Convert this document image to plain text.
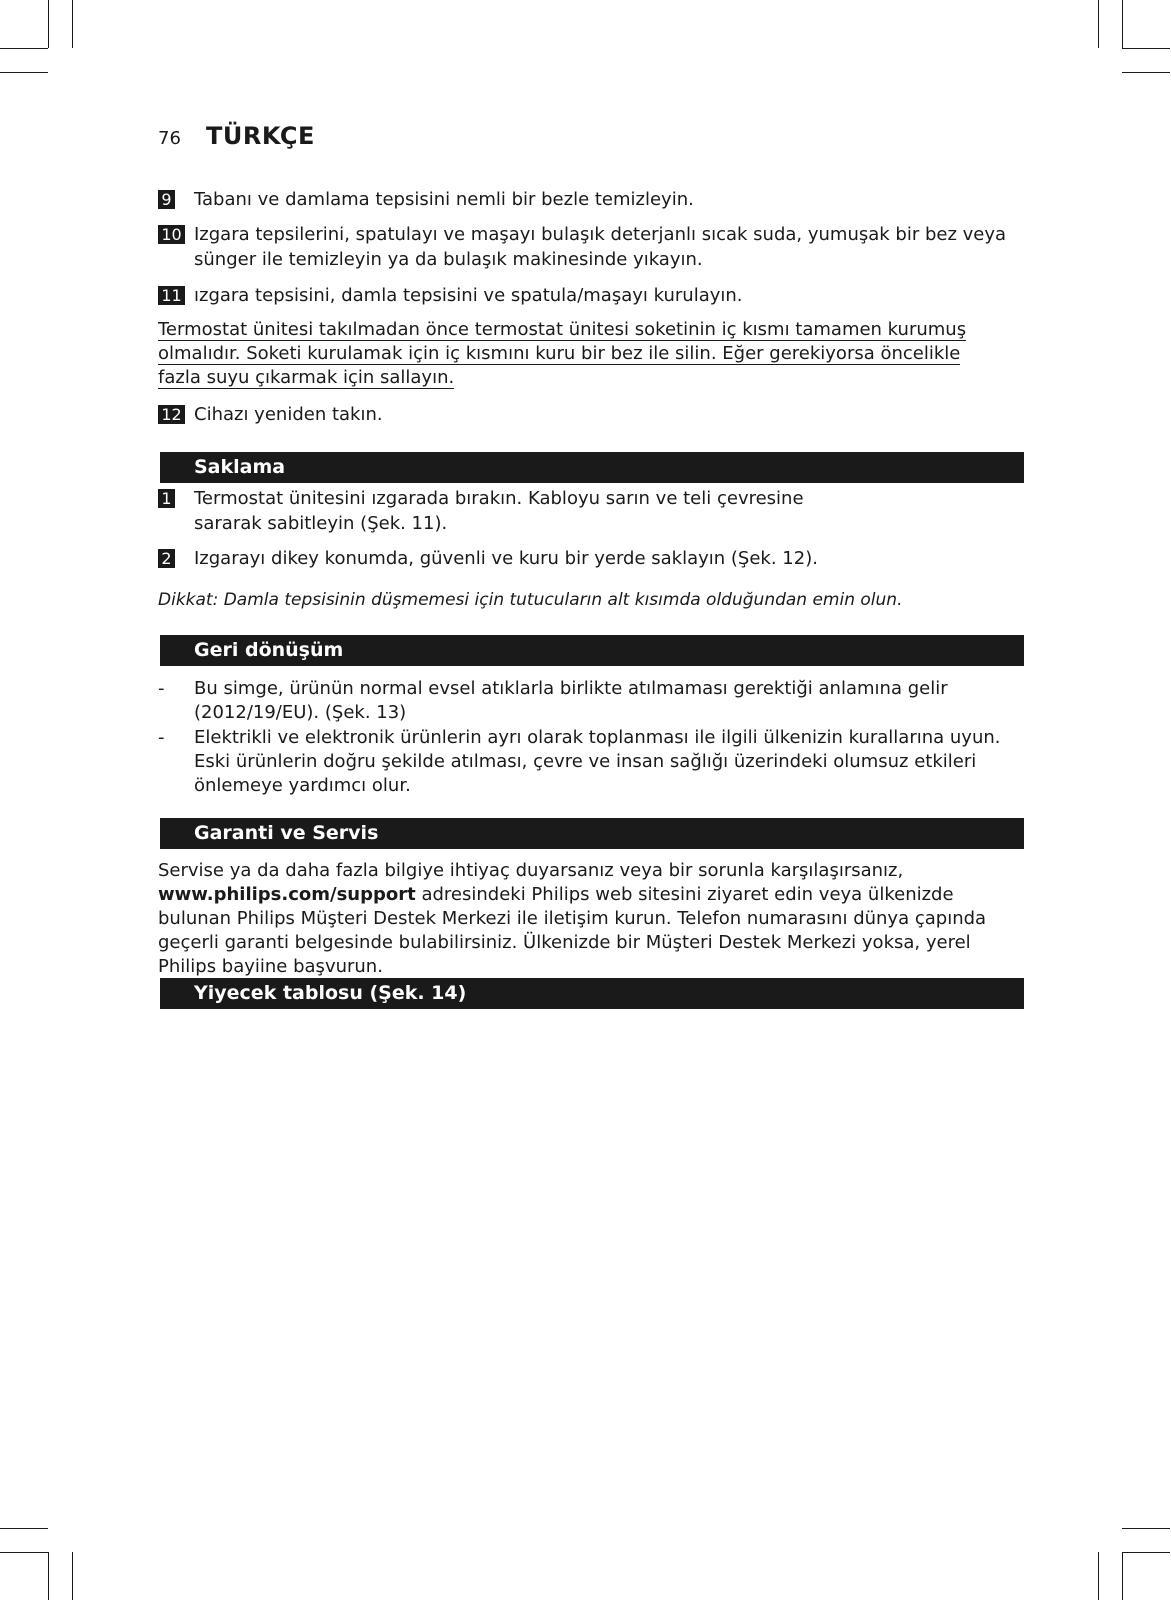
76	TÜRKÇE
9 Tabanı ve damlama tepsisini nemli bir bezle temizleyin.
10 Izgara tepsilerini, spatulayı ve maşayı bulaşık deterjanlı sıcak suda, yumuşak bir bez veya sünger ile temizleyin ya da bulaşık makinesinde yıkayın.
11 ızgara tepsisini, damla tepsisini ve spatula/maşayı kurulayın.
Termostat ünitesi takılmadan önce termostat ünitesi soketinin iç kısmı tamamen kurumuş olmalıdır. Soketi kurulamak için iç kısmını kuru bir bez ile silin. Eğer gerekiyorsa öncelikle fazla suyu çıkarmak için sallayın.
12 Cihazı yeniden takın.
Saklama
1 Termostat ünitesini ızgarada bırakın. Kabloyu sarın ve teli çevresine sararak sabitleyin (Şek. 11).
2 Izgarayı dikey konumda, güvenli ve kuru bir yerde saklayın (Şek. 12).
Dikkat: Damla tepsisinin düşmemesi için tutucuların alt kısımda olduğundan emin olun.
Geri dönüşüm
- Bu simge, ürünün normal evsel atıklarla birlikte atılmaması gerektiği anlamına gelir (2012/19/EU). (Şek. 13)
- Elektrikli ve elektronik ürünlerin ayrı olarak toplanması ile ilgili ülkenizin kurallarına uyun. Eski ürünlerin doğru şekilde atılması, çevre ve insan sağlığı üzerindeki olumsuz etkileri önlemeye yardımcı olur.
Garanti ve Servis
Servise ya da daha fazla bilgiye ihtiyaç duyarsanız veya bir sorunla karşılaşırsanız, www.philips.com/support adresindeki Philips web sitesini ziyaret edin veya ülkenizde bulunan Philips Müşteri Destek Merkezi ile iletişim kurun. Telefon numarasını dünya çapında geçerli garanti belgesinde bulabilirsiniz. Ülkenizde bir Müşteri Destek Merkezi yoksa, yerel Philips bayiine başvurun.
Yiyecek tablosu (Şek. 14)
